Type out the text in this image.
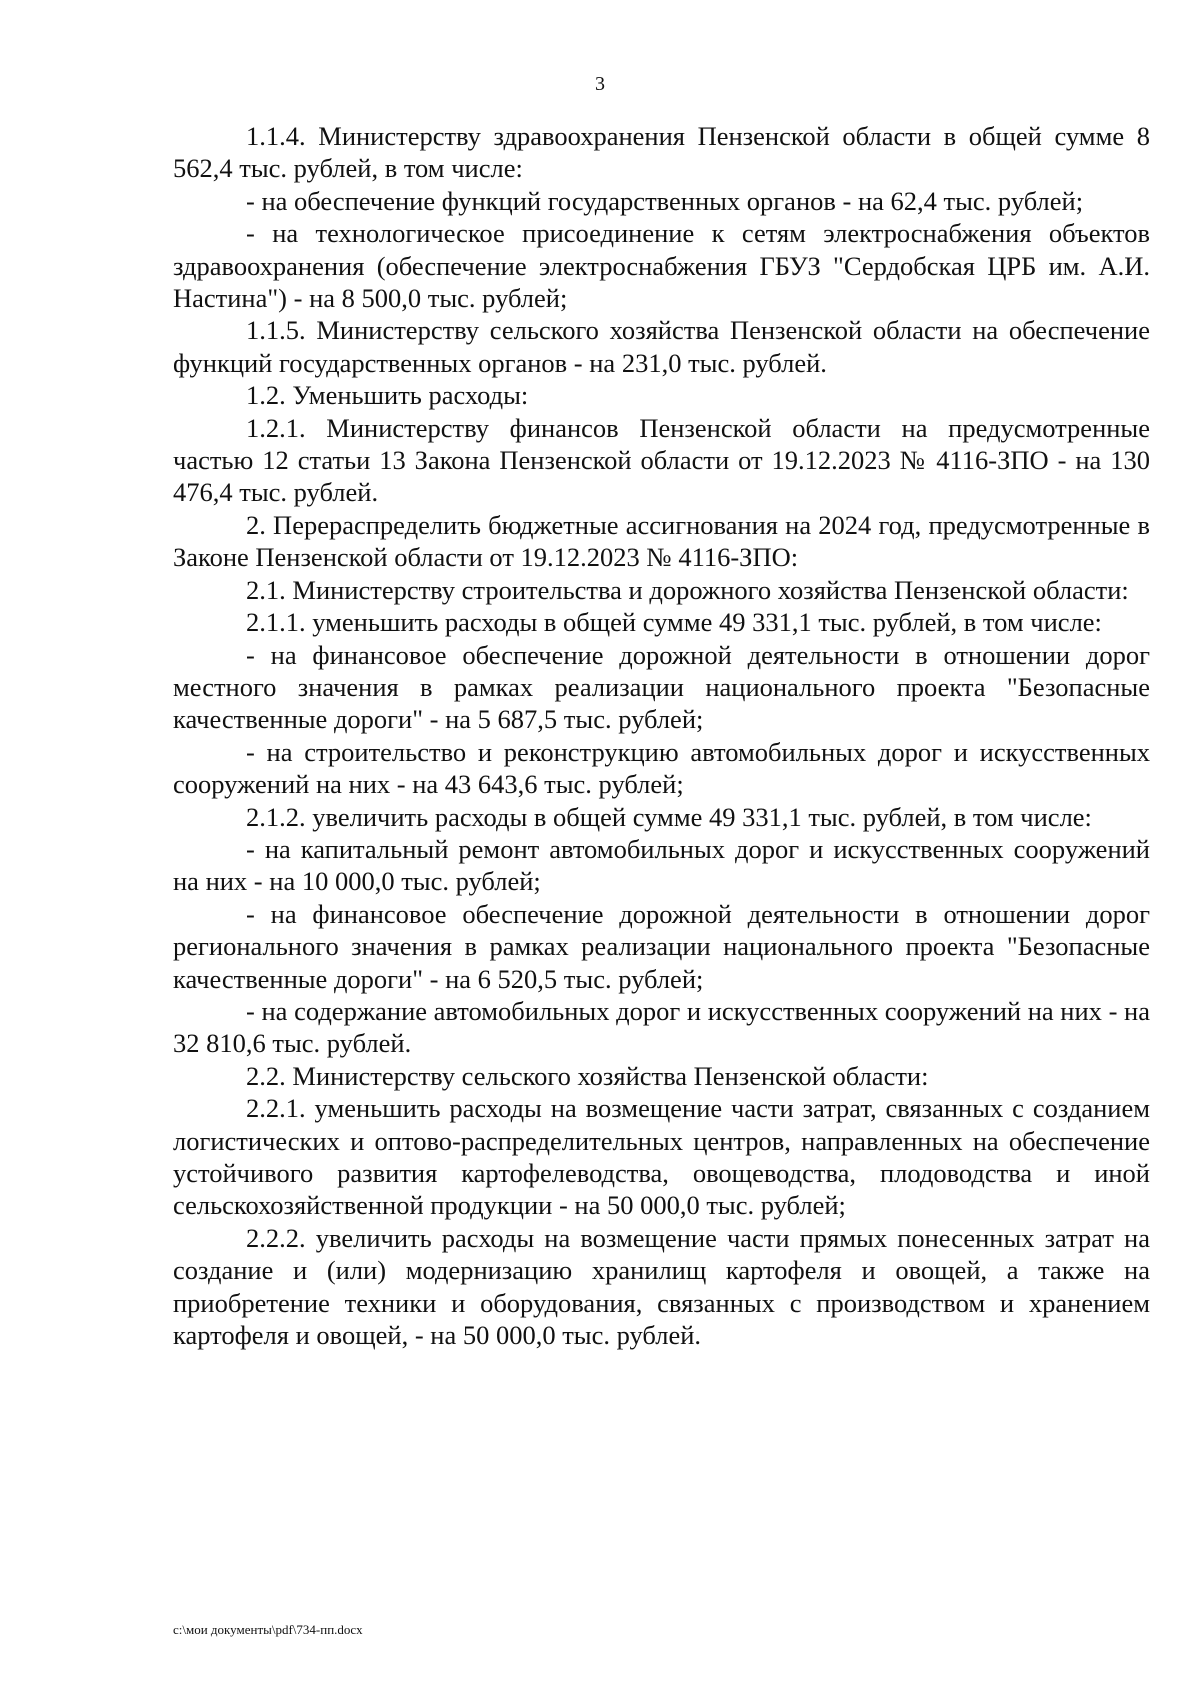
3

1.1.4. Министерству здравоохранения Пензенской области в общей сумме 8 562,4 тыс. рублей, в том числе:

- на обеспечение функций государственных органов - на 62,4 тыс. рублей;

- на технологическое присоединение к сетям электроснабжения объектов здравоохранения (обеспечение электроснабжения ГБУЗ "Сердобская ЦРБ им. А.И. Настина") - на 8 500,0 тыс. рублей;

1.1.5. Министерству сельского хозяйства Пензенской области на обеспечение функций государственных органов - на 231,0 тыс. рублей.

1.2. Уменьшить расходы:

1.2.1. Министерству финансов Пензенской области на предусмотренные частью 12 статьи 13 Закона Пензенской области от 19.12.2023 № 4116-ЗПО - на 130 476,4 тыс. рублей.

2. Перераспределить бюджетные ассигнования на 2024 год, предусмотренные в Законе Пензенской области от 19.12.2023 № 4116-ЗПО:

2.1. Министерству строительства и дорожного хозяйства Пензенской области:

2.1.1. уменьшить расходы в общей сумме 49 331,1 тыс. рублей, в том числе:

- на финансовое обеспечение дорожной деятельности в отношении дорог местного значения в рамках реализации национального проекта "Безопасные качественные дороги" - на 5 687,5 тыс. рублей;

- на строительство и реконструкцию автомобильных дорог и искусственных сооружений на них - на 43 643,6 тыс. рублей;

2.1.2. увеличить расходы в общей сумме 49 331,1 тыс. рублей, в том числе:

- на капитальный ремонт автомобильных дорог и искусственных сооружений на них - на 10 000,0 тыс. рублей;

- на финансовое обеспечение дорожной деятельности в отношении дорог регионального значения в рамках реализации национального проекта "Безопасные качественные дороги" - на 6 520,5 тыс. рублей;

- на содержание автомобильных дорог и искусственных сооружений на них - на 32 810,6 тыс. рублей.

2.2. Министерству сельского хозяйства Пензенской области:

2.2.1. уменьшить расходы на возмещение части затрат, связанных с созданием логистических и оптово-распределительных центров, направленных на обеспечение устойчивого развития картофелеводства, овощеводства, плодоводства и иной сельскохозяйственной продукции - на 50 000,0 тыс. рублей;

2.2.2. увеличить расходы на возмещение части прямых понесенных затрат на создание и (или) модернизацию хранилищ картофеля и овощей, а также на приобретение техники и оборудования, связанных с производством и хранением картофеля и овощей, - на 50 000,0 тыс. рублей.

c:\мои документы\pdf\734-пп.docx
